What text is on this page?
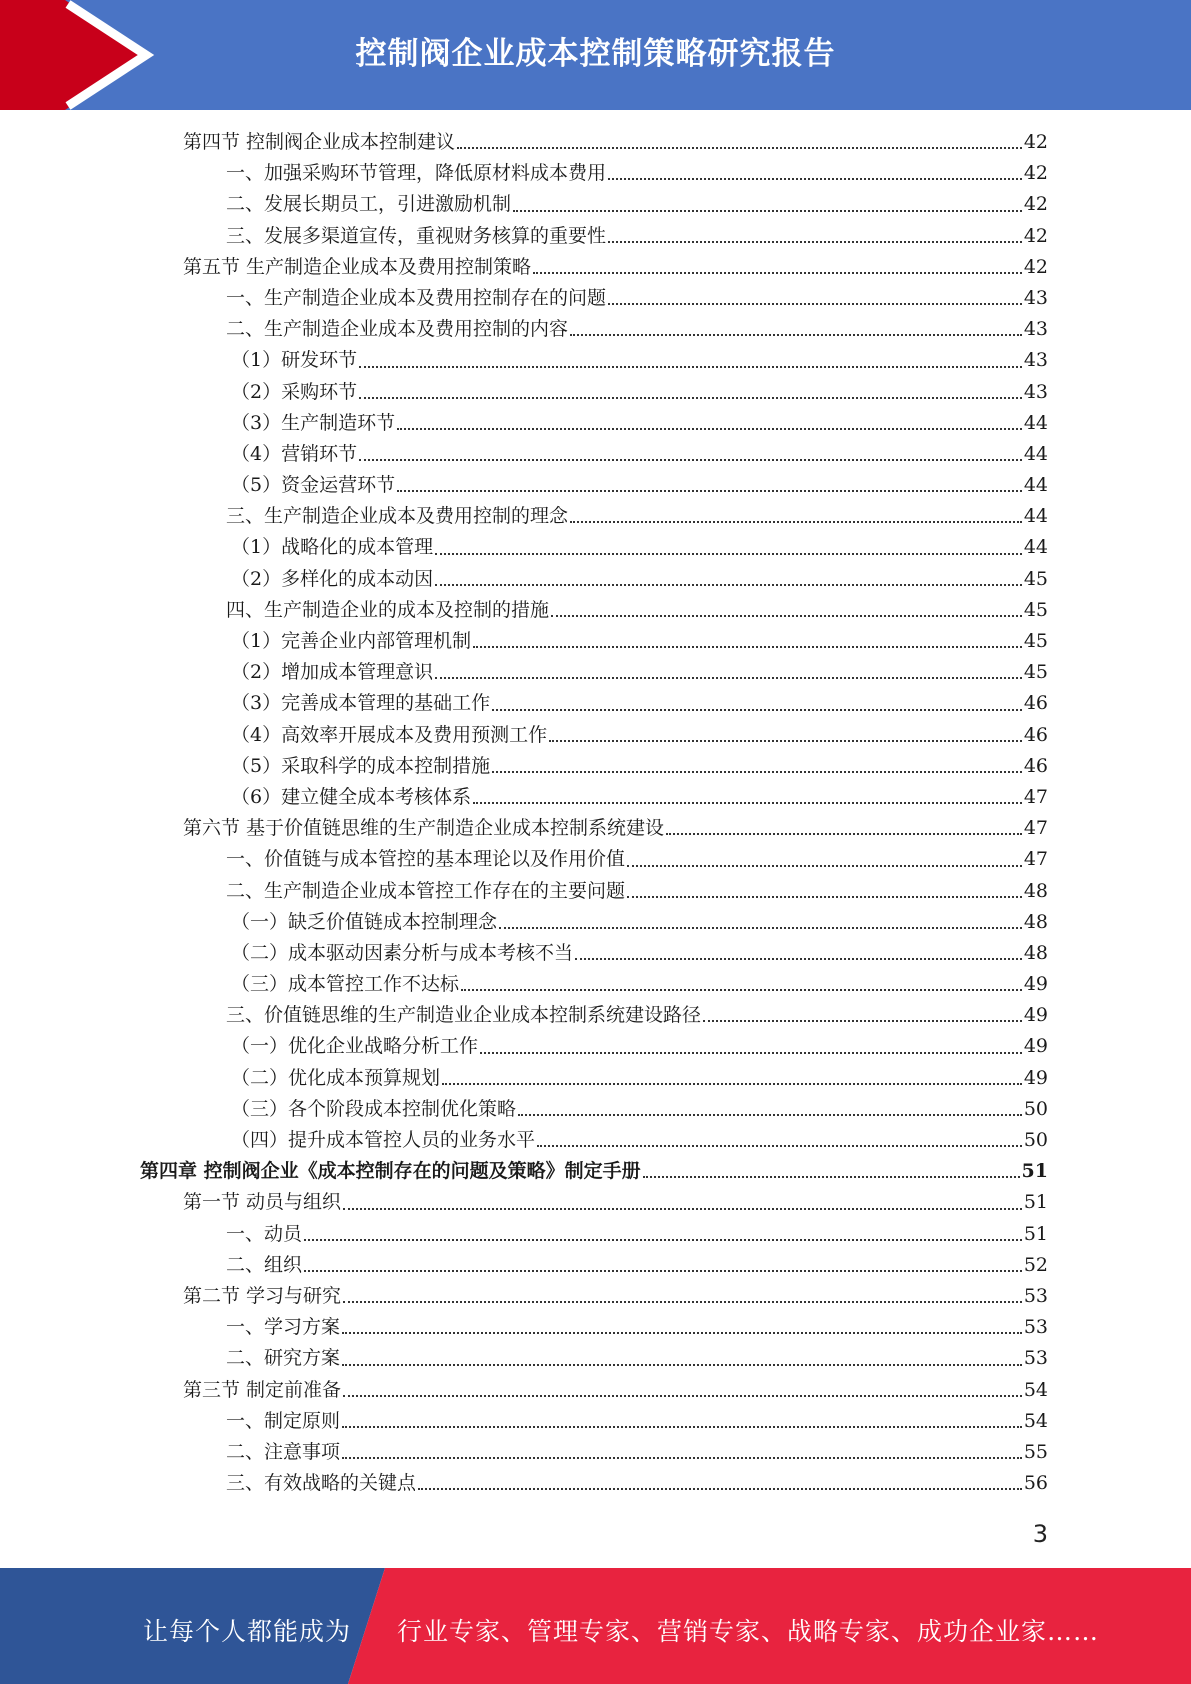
控制阀企业成本控制策略研究报告
第四节 控制阀企业成本控制建议	42
一、加强采购环节管理，降低原材料成本费用	42
二、发展长期员工，引进激励机制	42
三、发展多渠道宣传，重视财务核算的重要性	42
第五节 生产制造企业成本及费用控制策略	42
一、生产制造企业成本及费用控制存在的问题	43
二、生产制造企业成本及费用控制的内容	43
（1）研发环节	43
（2）采购环节	43
（3）生产制造环节	44
（4）营销环节	44
（5）资金运营环节	44
三、生产制造企业成本及费用控制的理念	44
（1）战略化的成本管理	44
（2）多样化的成本动因	45
四、生产制造企业的成本及控制的措施	45
（1）完善企业内部管理机制	45
（2）增加成本管理意识	45
（3）完善成本管理的基础工作	46
（4）高效率开展成本及费用预测工作	46
（5）采取科学的成本控制措施	46
（6）建立健全成本考核体系	47
第六节 基于价值链思维的生产制造企业成本控制系统建设	47
一、价值链与成本管控的基本理论以及作用价值	47
二、生产制造企业成本管控工作存在的主要问题	48
（一）缺乏价值链成本控制理念	48
（二）成本驱动因素分析与成本考核不当	48
（三）成本管控工作不达标	49
三、价值链思维的生产制造业企业成本控制系统建设路径	49
（一）优化企业战略分析工作	49
（二）优化成本预算规划	49
（三）各个阶段成本控制优化策略	50
（四）提升成本管控人员的业务水平	50
第四章 控制阀企业《成本控制存在的问题及策略》制定手册	51
第一节 动员与组织	51
一、动员	51
二、组织	52
第二节 学习与研究	53
一、学习方案	53
二、研究方案	53
第三节 制定前准备	54
一、制定原则	54
二、注意事项	55
三、有效战略的关键点	56
3
让每个人都能成为 行业专家、管理专家、营销专家、战略专家、成功企业家……
